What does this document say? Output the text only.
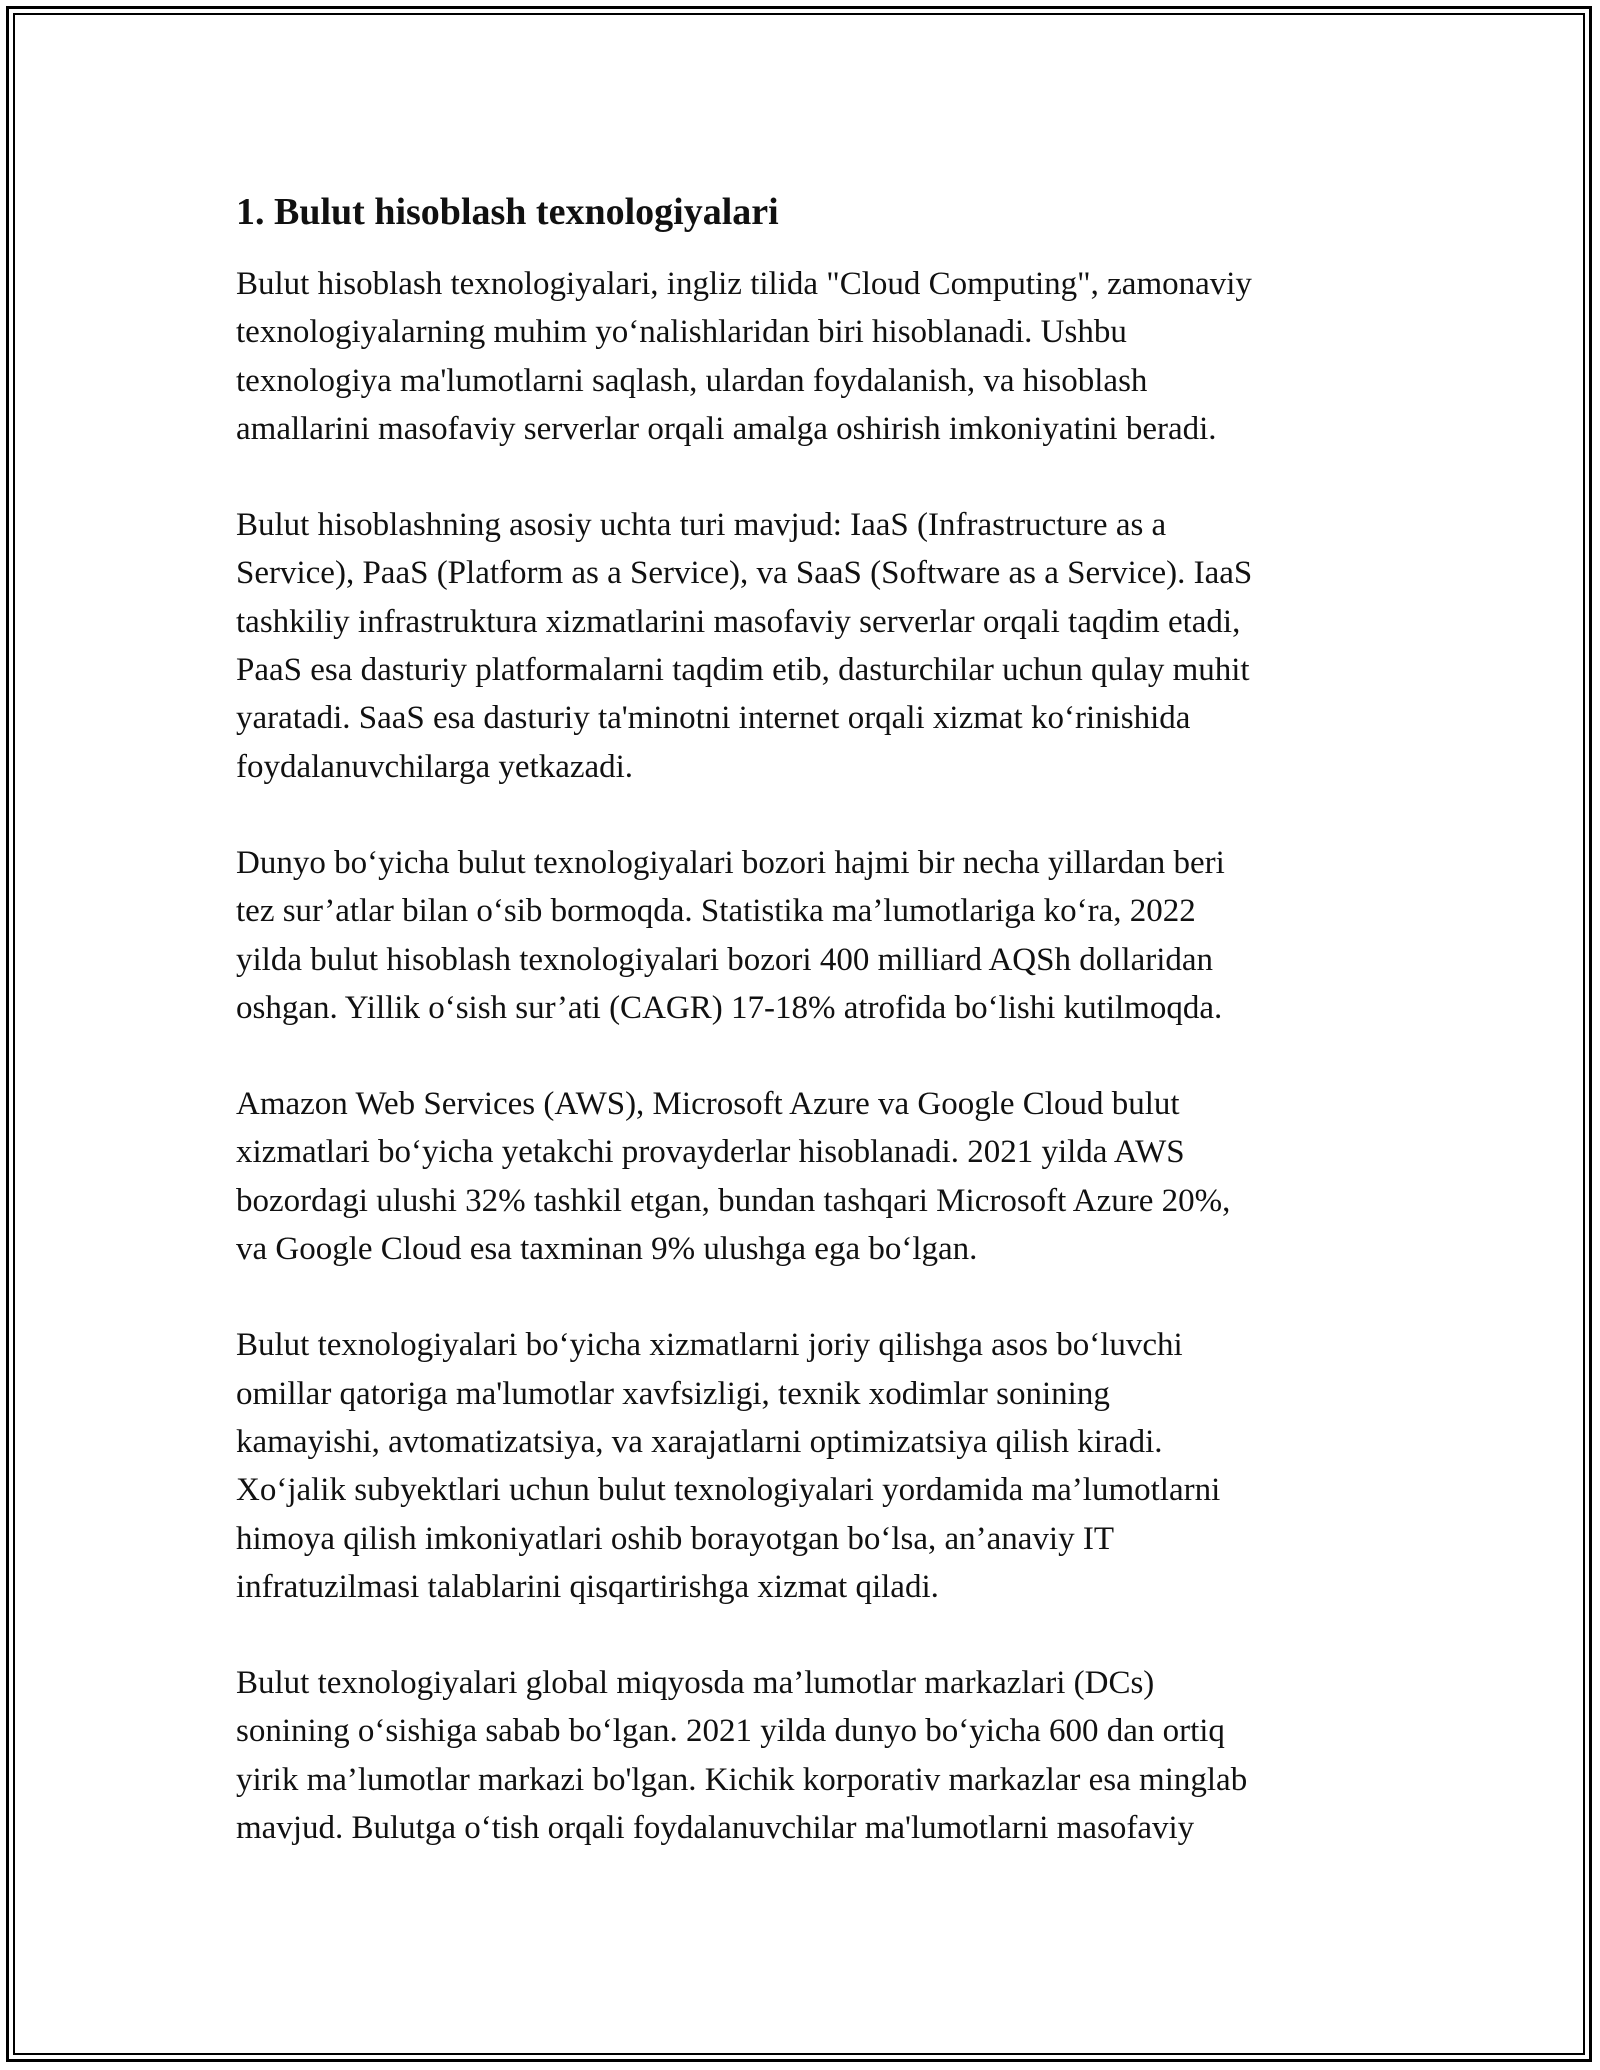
1. Bulut hisoblash texnologiyalari

Bulut hisoblash texnologiyalari, ingliz tilida "Cloud Computing", zamonaviy
texnologiyalarning muhim yo‘nalishlaridan biri hisoblanadi. Ushbu
texnologiya ma'lumotlarni saqlash, ulardan foydalanish, va hisoblash
amallarini masofaviy serverlar orqali amalga oshirish imkoniyatini beradi.

Bulut hisoblashning asosiy uchta turi mavjud: IaaS (Infrastructure as a
Service), PaaS (Platform as a Service), va SaaS (Software as a Service). IaaS
tashkiliy infrastruktura xizmatlarini masofaviy serverlar orqali taqdim etadi,
PaaS esa dasturiy platformalarni taqdim etib, dasturchilar uchun qulay muhit
yaratadi. SaaS esa dasturiy ta'minotni internet orqali xizmat ko‘rinishida
foydalanuvchilarga yetkazadi.

Dunyo bo‘yicha bulut texnologiyalari bozori hajmi bir necha yillardan beri
tez sur’atlar bilan o‘sib bormoqda. Statistika ma’lumotlariga ko‘ra, 2022
yilda bulut hisoblash texnologiyalari bozori 400 milliard AQSh dollaridan
oshgan. Yillik o‘sish sur’ati (CAGR) 17-18% atrofida bo‘lishi kutilmoqda.

Amazon Web Services (AWS), Microsoft Azure va Google Cloud bulut
xizmatlari bo‘yicha yetakchi provayderlar hisoblanadi. 2021 yilda AWS
bozordagi ulushi 32% tashkil etgan, bundan tashqari Microsoft Azure 20%,
va Google Cloud esa taxminan 9% ulushga ega bo‘lgan.

Bulut texnologiyalari bo‘yicha xizmatlarni joriy qilishga asos bo‘luvchi
omillar qatoriga ma'lumotlar xavfsizligi, texnik xodimlar sonining
kamayishi, avtomatizatsiya, va xarajatlarni optimizatsiya qilish kiradi.
Xo‘jalik subyektlari uchun bulut texnologiyalari yordamida ma’lumotlarni
himoya qilish imkoniyatlari oshib borayotgan bo‘lsa, an’anaviy IT
infratuzilmasi talablarini qisqartirishga xizmat qiladi.

Bulut texnologiyalari global miqyosda ma’lumotlar markazlari (DCs)
sonining o‘sishiga sabab bo‘lgan. 2021 yilda dunyo bo‘yicha 600 dan ortiq
yirik ma’lumotlar markazi bo'lgan. Kichik korporativ markazlar esa minglab
mavjud. Bulutga o‘tish orqali foydalanuvchilar ma'lumotlarni masofaviy
